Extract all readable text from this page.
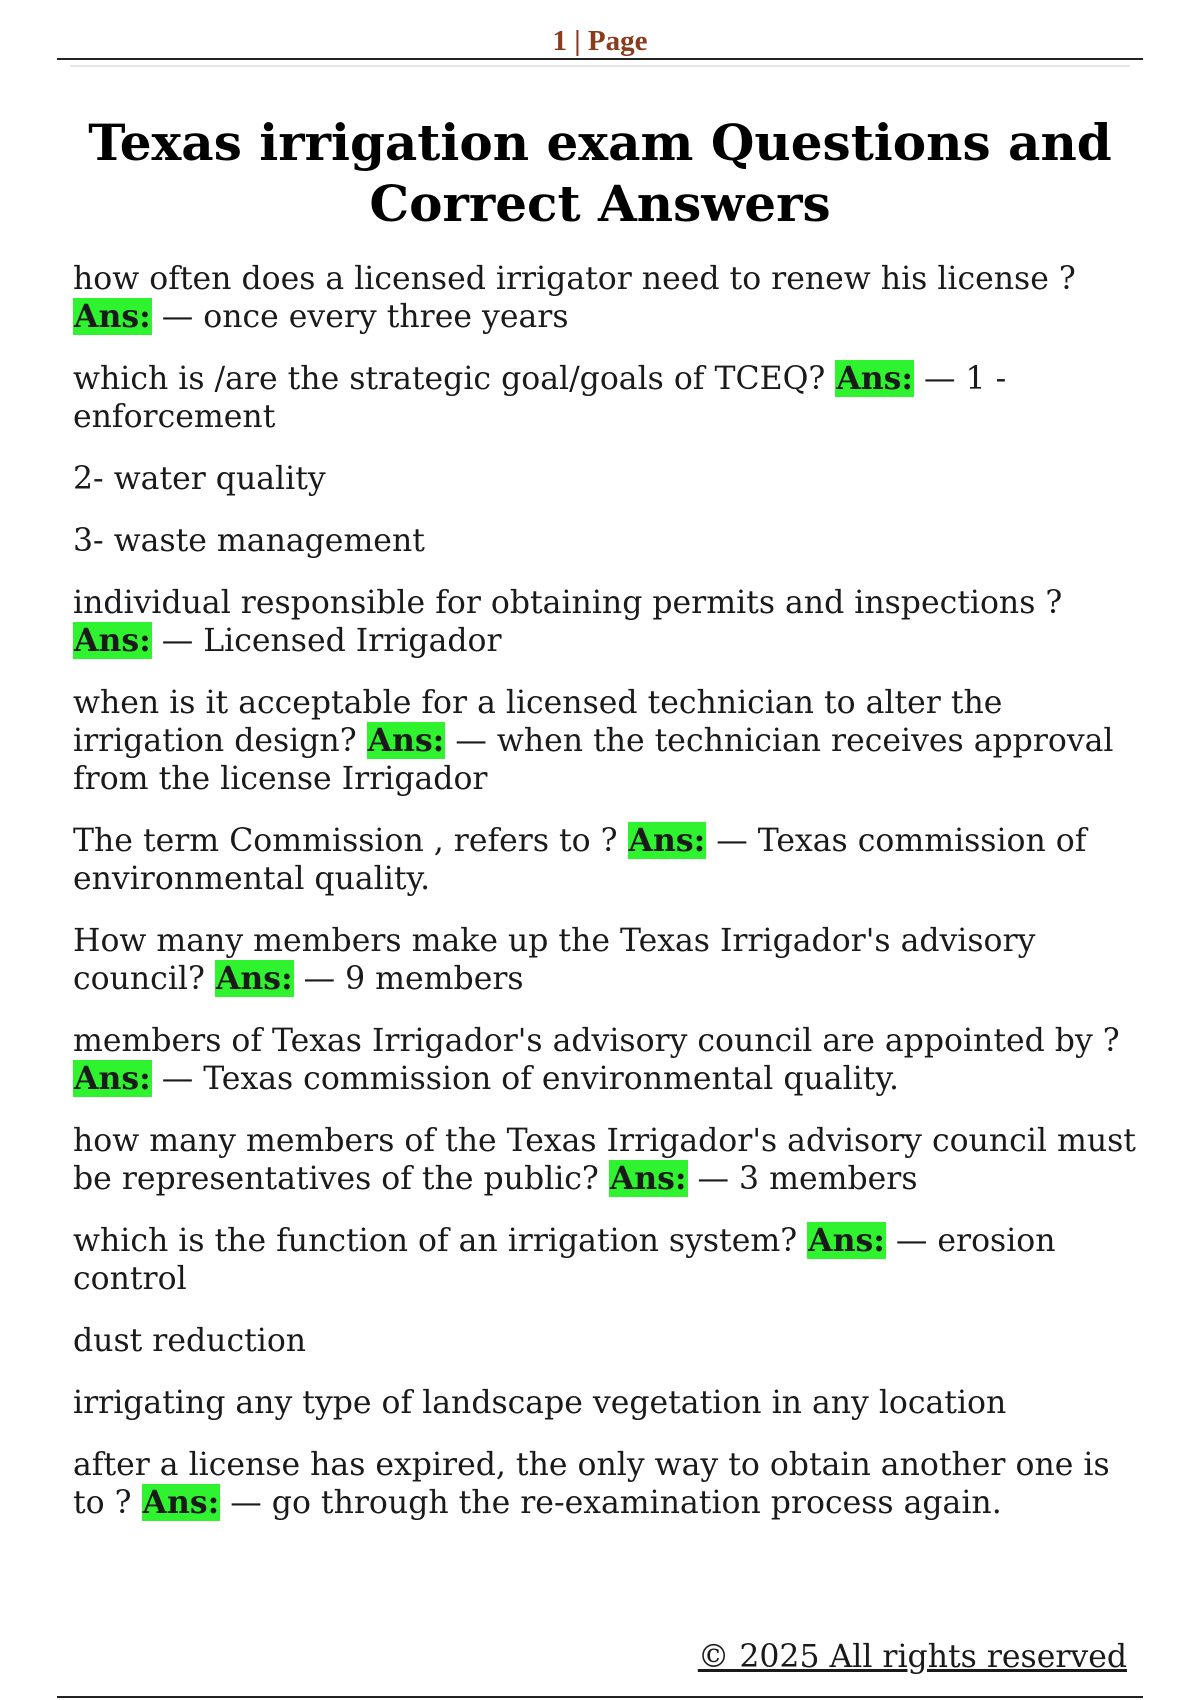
1 | Page
Texas irrigation exam Questions and Correct Answers

how often does a licensed irrigator need to renew his license ? Ans: — once every three years

which is /are the strategic goal/goals of TCEQ? Ans: — 1 - enforcement

2- water quality

3- waste management

individual responsible for obtaining permits and inspections ? Ans: — Licensed Irrigador

when is it acceptable for a licensed technician to alter the irrigation design? Ans: — when the technician receives approval from the license Irrigador

The term Commission , refers to ? Ans: — Texas commission of environmental quality.

How many members make up the Texas Irrigador's advisory council? Ans: — 9 members

members of Texas Irrigador's advisory council are appointed by ? Ans: — Texas commission of environmental quality.

how many members of the Texas Irrigador's advisory council must be representatives of the public? Ans: — 3 members

which is the function of an irrigation system? Ans: — erosion control

dust reduction

irrigating any type of landscape vegetation in any location

after a license has expired, the only way to obtain another one is to ? Ans: — go through the re-examination process again.

© 2025 All rights reserved
